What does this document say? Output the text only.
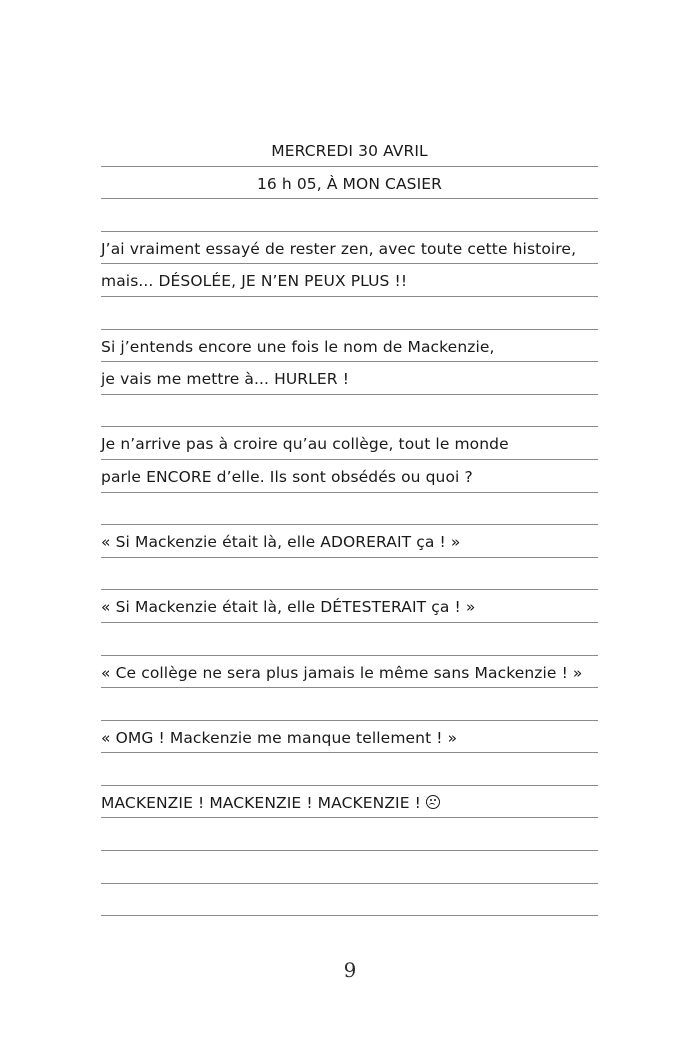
MERCREDI 30 AVRIL
16 h 05, À MON CASIER
J’ai vraiment essayé de rester zen, avec toute cette histoire,
mais... DÉSOLÉE, JE N’EN PEUX PLUS !!
Si j’entends encore une fois le nom de Mackenzie,
je vais me mettre à... HURLER !
Je n’arrive pas à croire qu’au collège, tout le monde
parle ENCORE d’elle. Ils sont obsédés ou quoi ?
« Si Mackenzie était là, elle ADORERAIT ça ! »
« Si Mackenzie était là, elle DÉTESTERAIT ça ! »
« Ce collège ne sera plus jamais le même sans Mackenzie ! »
« OMG ! Mackenzie me manque tellement ! »
MACKENZIE ! MACKENZIE ! MACKENZIE !
9
